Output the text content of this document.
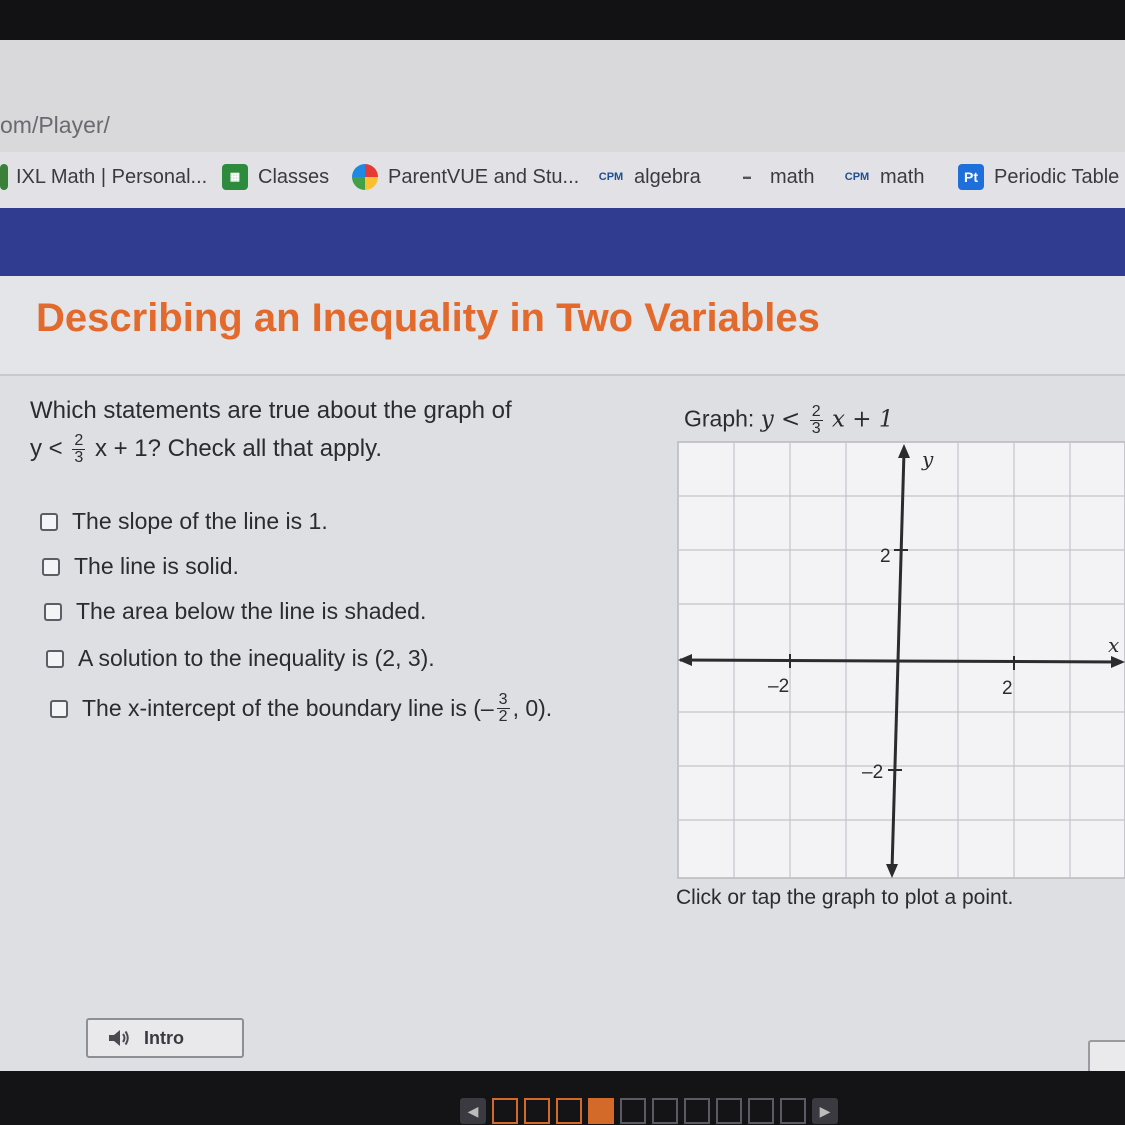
om/Player/
IXL Math | Personal...	▦ Classes	ParentVUE and Stu... CPM algebra	▬ math	CPM math	Pt Periodic Table
Describing an Inequality in Two Variables
Which statements are true about the graph of
$y < \frac{2}{3}$ x + 1? Check all that apply.
The slope of the line is 1.
The line is solid.
The area below the line is shaded.
A solution to the inequality is (2, 3).
The x-intercept of the boundary line is (– $\frac{3}{2}$ , 0).
Graph: $y < \frac{2}{3}$ x + 1
x
y
–2	2
2
–2
Click or tap the graph to plot a point.
Intro
◀	▶
